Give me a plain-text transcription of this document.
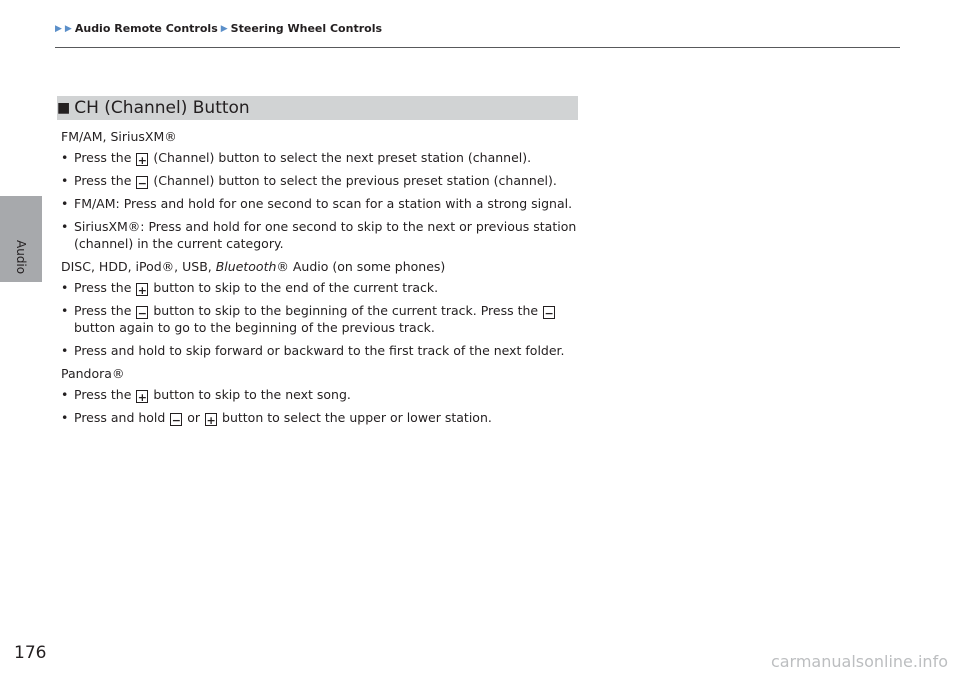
Audio
▶ ▶ Audio Remote Controls ▶ Steering Wheel Controls
■ CH (Channel) Button
FM/AM, SiriusXM®
• Press the + (Channel) button to select the next preset station (channel).
• Press the − (Channel) button to select the previous preset station (channel).
• FM/AM: Press and hold for one second to scan for a station with a strong signal.
• SiriusXM®: Press and hold for one second to skip to the next or previous station (channel) in the current category.
DISC, HDD, iPod®, USB, Bluetooth® Audio (on some phones)
• Press the + button to skip to the end of the current track.
• Press the − button to skip to the beginning of the current track. Press the − button again to go to the beginning of the previous track.
• Press and hold to skip forward or backward to the first track of the next folder.
Pandora®
• Press the + button to skip to the next song.
• Press and hold − or + button to select the upper or lower station.
176	carmanualsonline.info
